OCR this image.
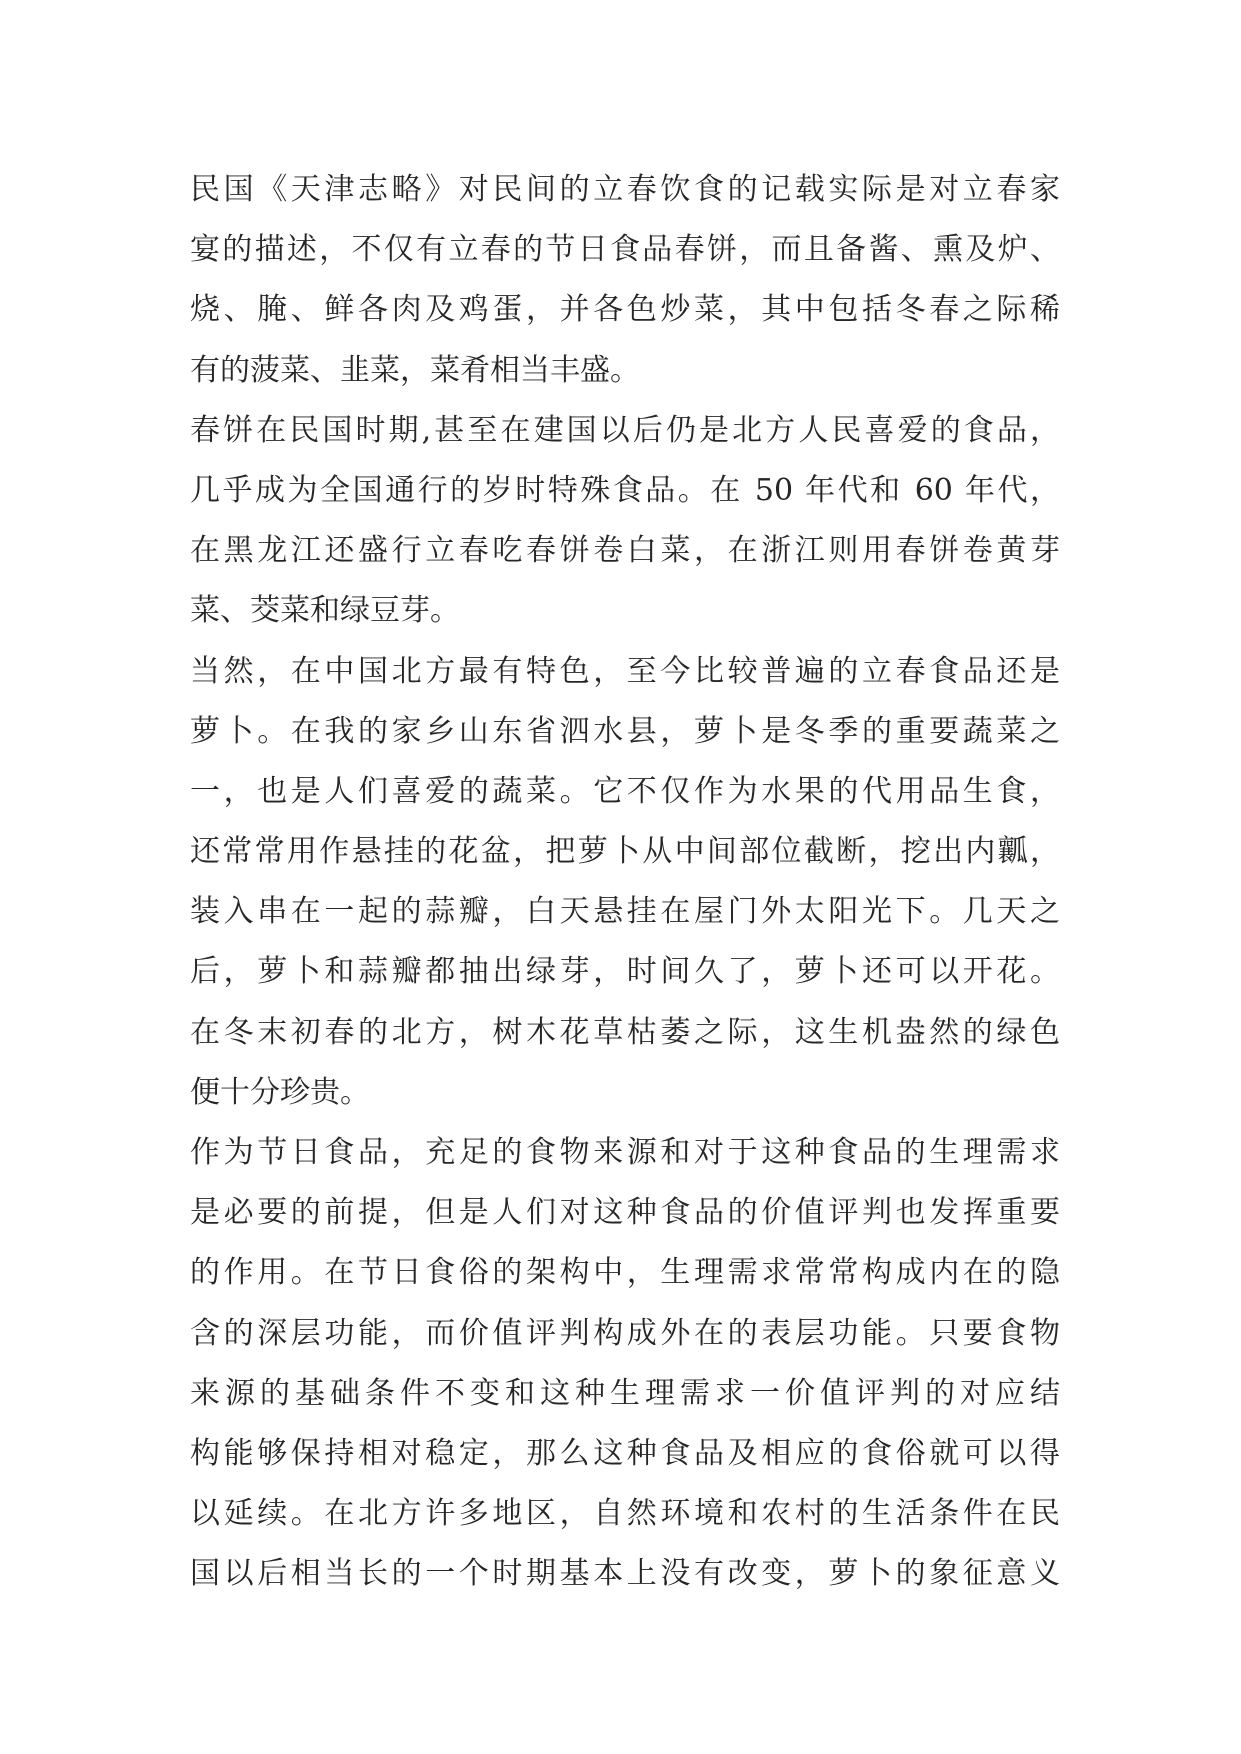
民国《天津志略》对民间的立春饮食的记载实际是对立春家
宴的描述，不仅有立春的节日食品春饼，而且备酱、熏及炉、
烧、腌、鲜各肉及鸡蛋，并各色炒菜，其中包括冬春之际稀
有的菠菜、韭菜，菜肴相当丰盛。
春饼在民国时期,甚至在建国以后仍是北方人民喜爱的食品，
几乎成为全国通行的岁时特殊食品。在 50 年代和 60 年代，
在黑龙江还盛行立春吃春饼卷白菜，在浙江则用春饼卷黄芽
菜、茭菜和绿豆芽。
当然，在中国北方最有特色，至今比较普遍的立春食品还是
萝卜。在我的家乡山东省泗水县，萝卜是冬季的重要蔬菜之
一，也是人们喜爱的蔬菜。它不仅作为水果的代用品生食，
还常常用作悬挂的花盆，把萝卜从中间部位截断，挖出内瓤，
装入串在一起的蒜瓣，白天悬挂在屋门外太阳光下。几天之
后，萝卜和蒜瓣都抽出绿芽，时间久了，萝卜还可以开花。
在冬末初春的北方，树木花草枯萎之际，这生机盎然的绿色
便十分珍贵。
作为节日食品，充足的食物来源和对于这种食品的生理需求
是必要的前提，但是人们对这种食品的价值评判也发挥重要
的作用。在节日食俗的架构中，生理需求常常构成内在的隐
含的深层功能，而价值评判构成外在的表层功能。只要食物
来源的基础条件不变和这种生理需求一价值评判的对应结
构能够保持相对稳定，那么这种食品及相应的食俗就可以得
以延续。在北方许多地区，自然环境和农村的生活条件在民
国以后相当长的一个时期基本上没有改变，萝卜的象征意义
